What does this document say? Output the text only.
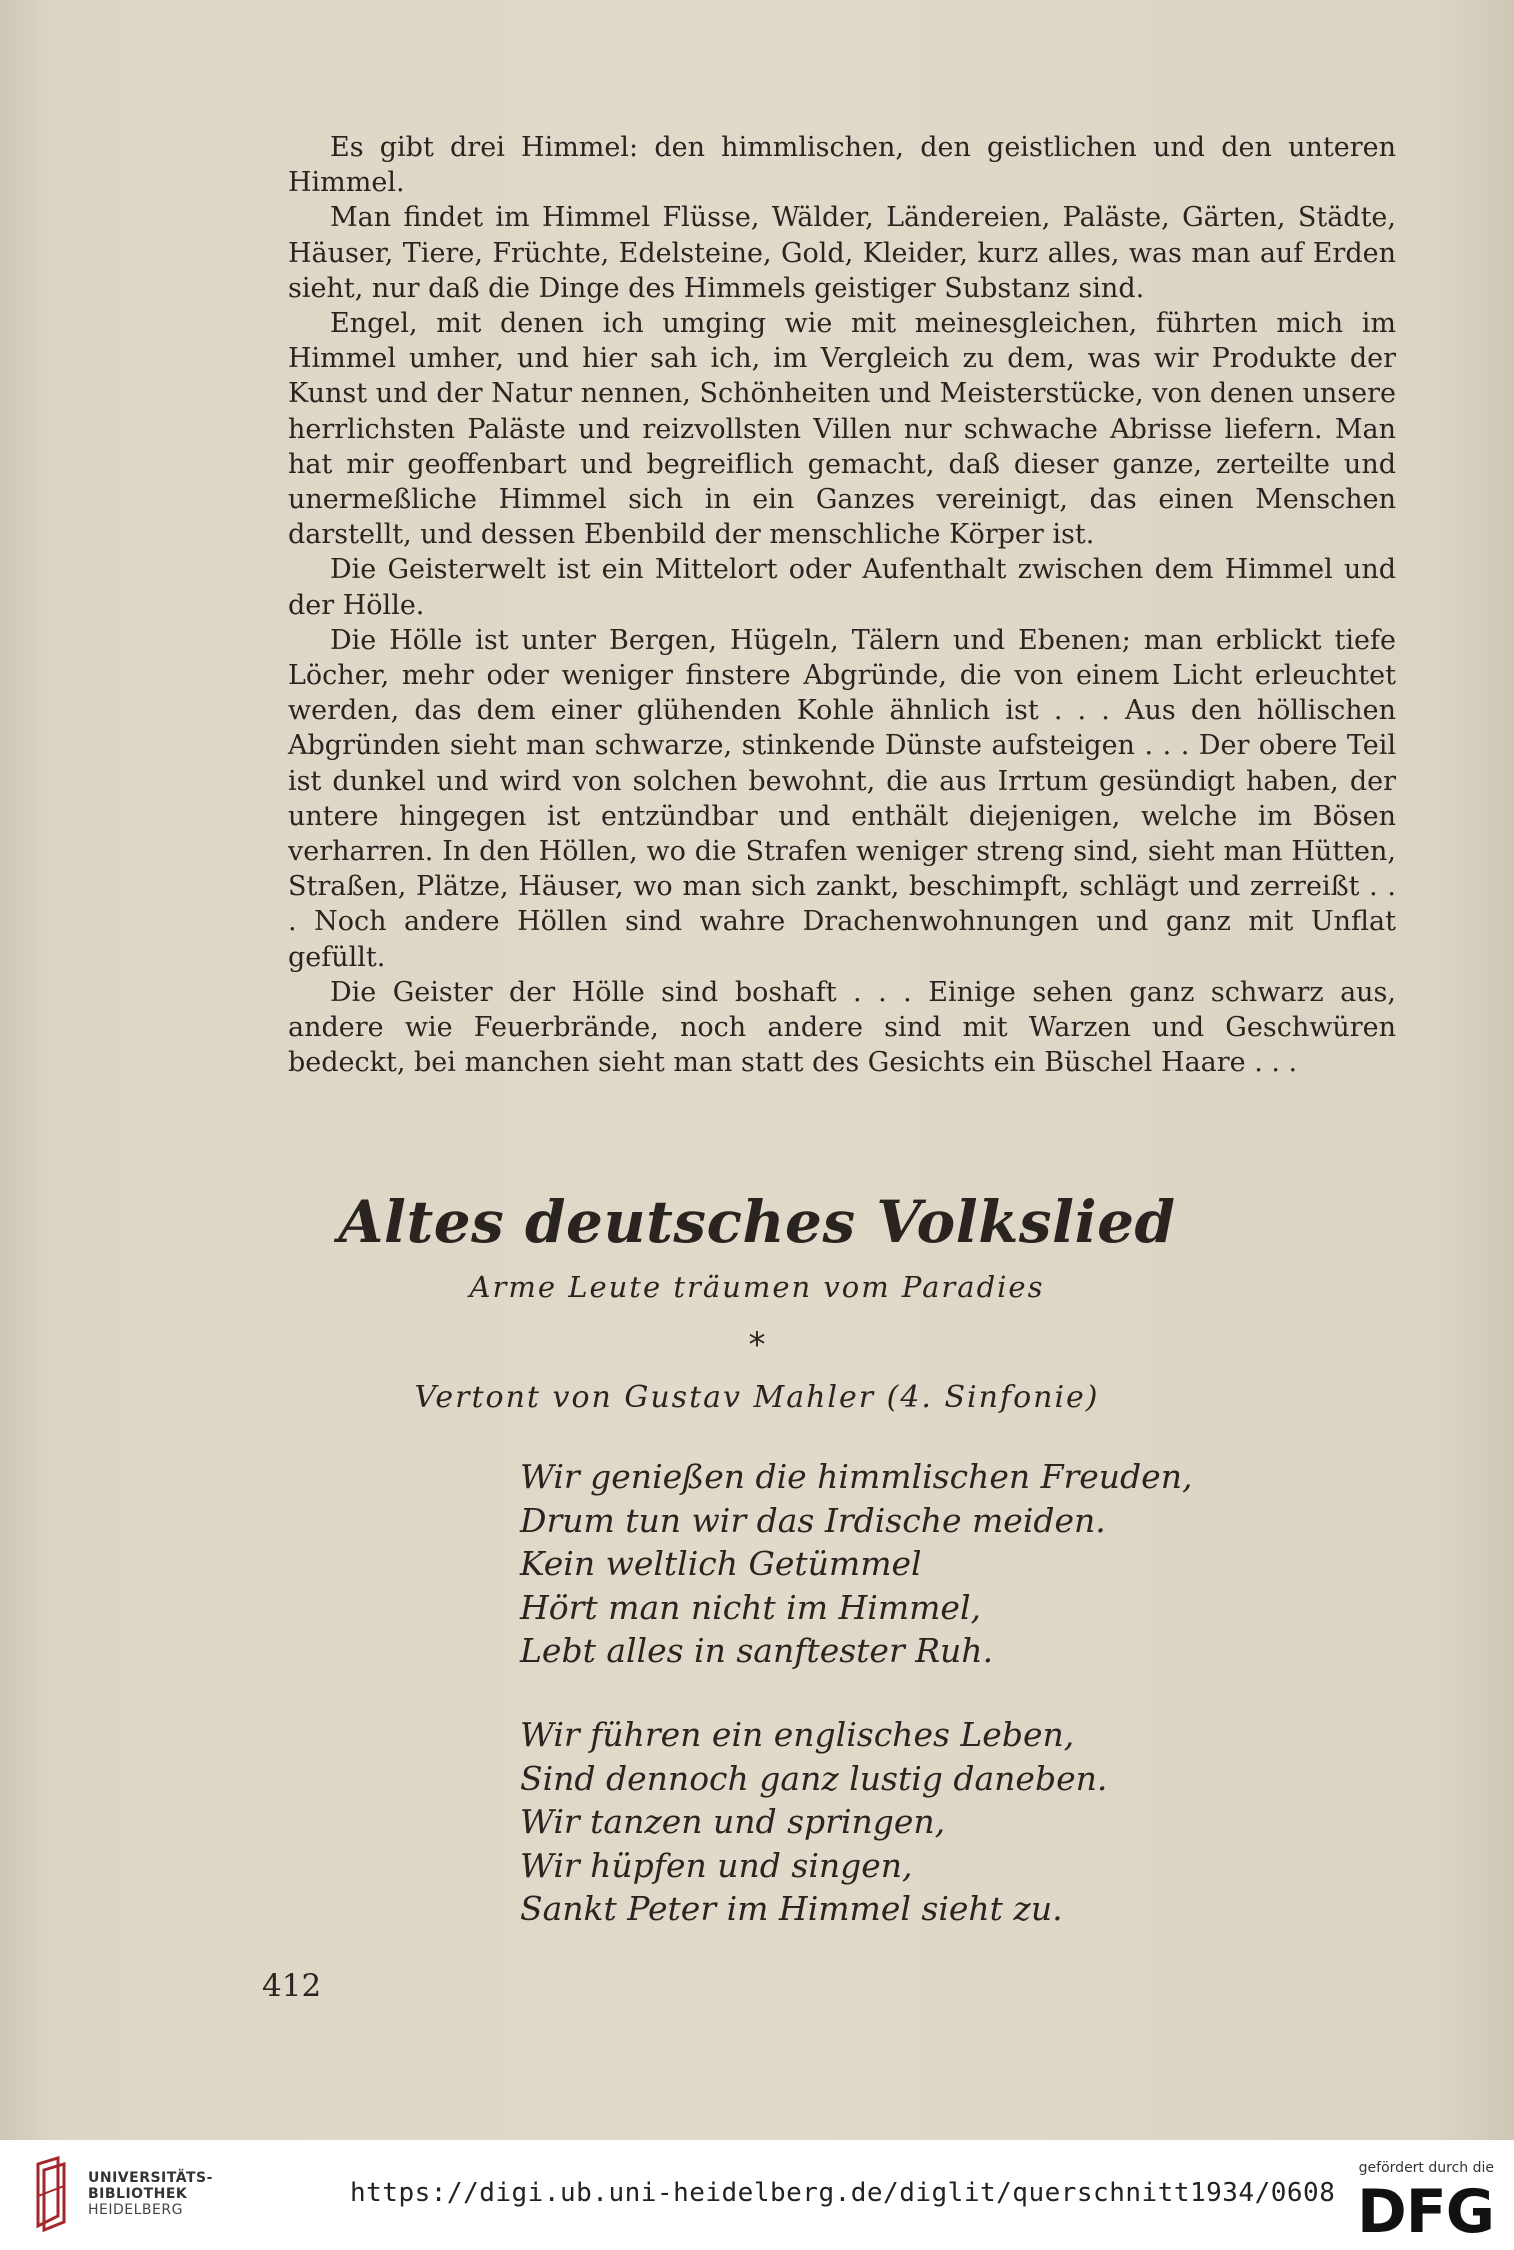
Es gibt drei Himmel: den himmlischen, den geistlichen und den unteren Himmel.

Man findet im Himmel Flüsse, Wälder, Ländereien, Paläste, Gärten, Städte, Häuser, Tiere, Früchte, Edelsteine, Gold, Kleider, kurz alles, was man auf Erden sieht, nur daß die Dinge des Himmels geistiger Substanz sind.

Engel, mit denen ich umging wie mit meinesgleichen, führten mich im Himmel umher, und hier sah ich, im Vergleich zu dem, was wir Produkte der Kunst und der Natur nennen, Schönheiten und Meisterstücke, von denen unsere herrlichsten Paläste und reizvollsten Villen nur schwache Abrisse liefern. Man hat mir geoffenbart und begreiflich gemacht, daß dieser ganze, zerteilte und unermeßliche Himmel sich in ein Ganzes vereinigt, das einen Menschen darstellt, und dessen Ebenbild der menschliche Körper ist.

Die Geisterwelt ist ein Mittelort oder Aufenthalt zwischen dem Himmel und der Hölle.

Die Hölle ist unter Bergen, Hügeln, Tälern und Ebenen; man erblickt tiefe Löcher, mehr oder weniger finstere Abgründe, die von einem Licht erleuchtet werden, das dem einer glühenden Kohle ähnlich ist . . . Aus den höllischen Abgründen sieht man schwarze, stinkende Dünste aufsteigen . . . Der obere Teil ist dunkel und wird von solchen bewohnt, die aus Irrtum gesündigt haben, der untere hingegen ist entzündbar und enthält diejenigen, welche im Bösen verharren. In den Höllen, wo die Strafen weniger streng sind, sieht man Hütten, Straßen, Plätze, Häuser, wo man sich zankt, beschimpft, schlägt und zerreißt . . . Noch andere Höllen sind wahre Drachenwohnungen und ganz mit Unflat gefüllt.

Die Geister der Hölle sind boshaft . . . Einige sehen ganz schwarz aus, andere wie Feuerbrände, noch andere sind mit Warzen und Geschwüren bedeckt, bei manchen sieht man statt des Gesichts ein Büschel Haare . . .

Altes deutsches Volkslied
Arme Leute träumen vom Paradies
*
Vertont von Gustav Mahler (4. Sinfonie)
Wir genießen die himmlischen Freuden,
Drum tun wir das Irdische meiden.
Kein weltlich Getümmel
Hört man nicht im Himmel,
Lebt alles in sanftester Ruh.
Wir führen ein englisches Leben,
Sind dennoch ganz lustig daneben.
Wir tanzen und springen,
Wir hüpfen und singen,
Sankt Peter im Himmel sieht zu.
412
UNIVERSITÄTS-
BIBLIOTHEK
HEIDELBERG
https://digi.ub.uni-heidelberg.de/diglit/querschnitt1934/0608
gefördert durch die
DFG
